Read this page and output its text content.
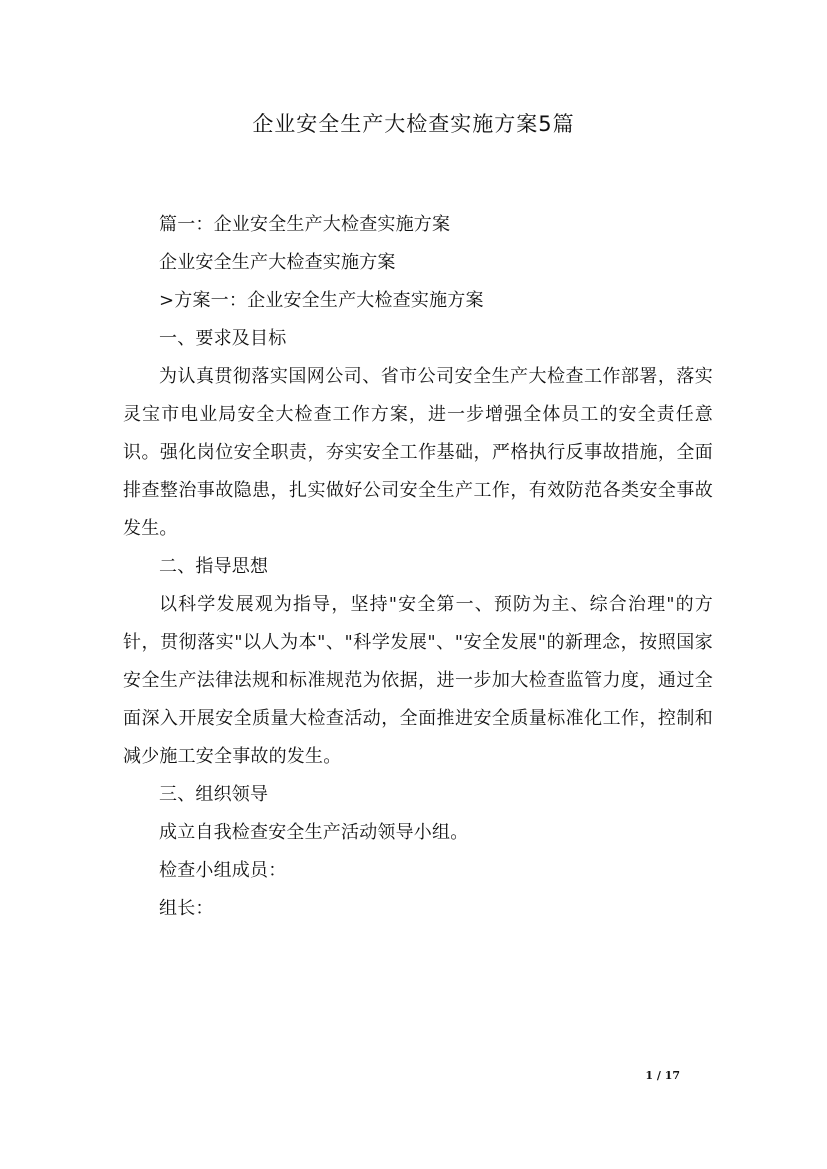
企业安全生产大检查实施方案5篇

篇一：企业安全生产大检查实施方案

企业安全生产大检查实施方案

>方案一：企业安全生产大检查实施方案

一、要求及目标

为认真贯彻落实国网公司、省市公司安全生产大检查工作部署，落实灵宝市电业局安全大检查工作方案，进一步增强全体员工的安全责任意识。强化岗位安全职责，夯实安全工作基础，严格执行反事故措施，全面排查整治事故隐患，扎实做好公司安全生产工作，有效防范各类安全事故发生。

二、指导思想

以科学发展观为指导，坚持"安全第一、预防为主、综合治理"的方针，贯彻落实"以人为本"、"科学发展"、"安全发展"的新理念，按照国家安全生产法律法规和标准规范为依据，进一步加大检查监管力度，通过全面深入开展安全质量大检查活动，全面推进安全质量标准化工作，控制和减少施工安全事故的发生。

三、组织领导

成立自我检查安全生产活动领导小组。

检查小组成员：

组长：

1 / 17
